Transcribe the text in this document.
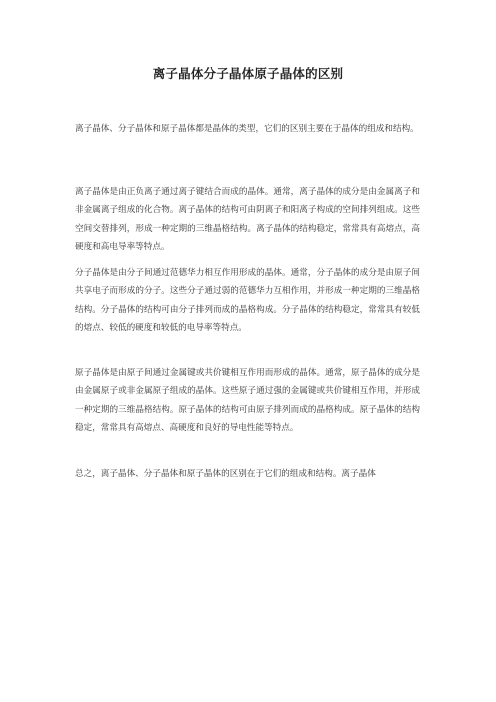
离子晶体分子晶体原子晶体的区别

离子晶体、分子晶体和原子晶体都是晶体的类型，它们的区别主要在于晶体的组成和结构。

离子晶体是由正负离子通过离子键结合而成的晶体。通常，离子晶体的成分是由金属离子和非金属离子组成的化合物。离子晶体的结构可由阴离子和阳离子构成的空间排列组成。这些空间交替排列，形成一种定期的三维晶格结构。离子晶体的结构稳定，常常具有高熔点，高硬度和高电导率等特点。

分子晶体是由分子间通过范德华力相互作用形成的晶体。通常，分子晶体的成分是由原子间共享电子而形成的分子。这些分子通过弱的范德华力互相作用，并形成一种定期的三维晶格结构。分子晶体的结构可由分子排列而成的晶格构成。分子晶体的结构稳定，常常具有较低的熔点、较低的硬度和较低的电导率等特点。

原子晶体是由原子间通过金属键或共价键相互作用而形成的晶体。通常，原子晶体的成分是由金属原子或非金属原子组成的晶体。这些原子通过强的金属键或共价键相互作用，并形成一种定期的三维晶格结构。原子晶体的结构可由原子排列而成的晶格构成。原子晶体的结构稳定，常常具有高熔点、高硬度和良好的导电性能等特点。

总之，离子晶体、分子晶体和原子晶体的区别在于它们的组成和结构。离子晶体
